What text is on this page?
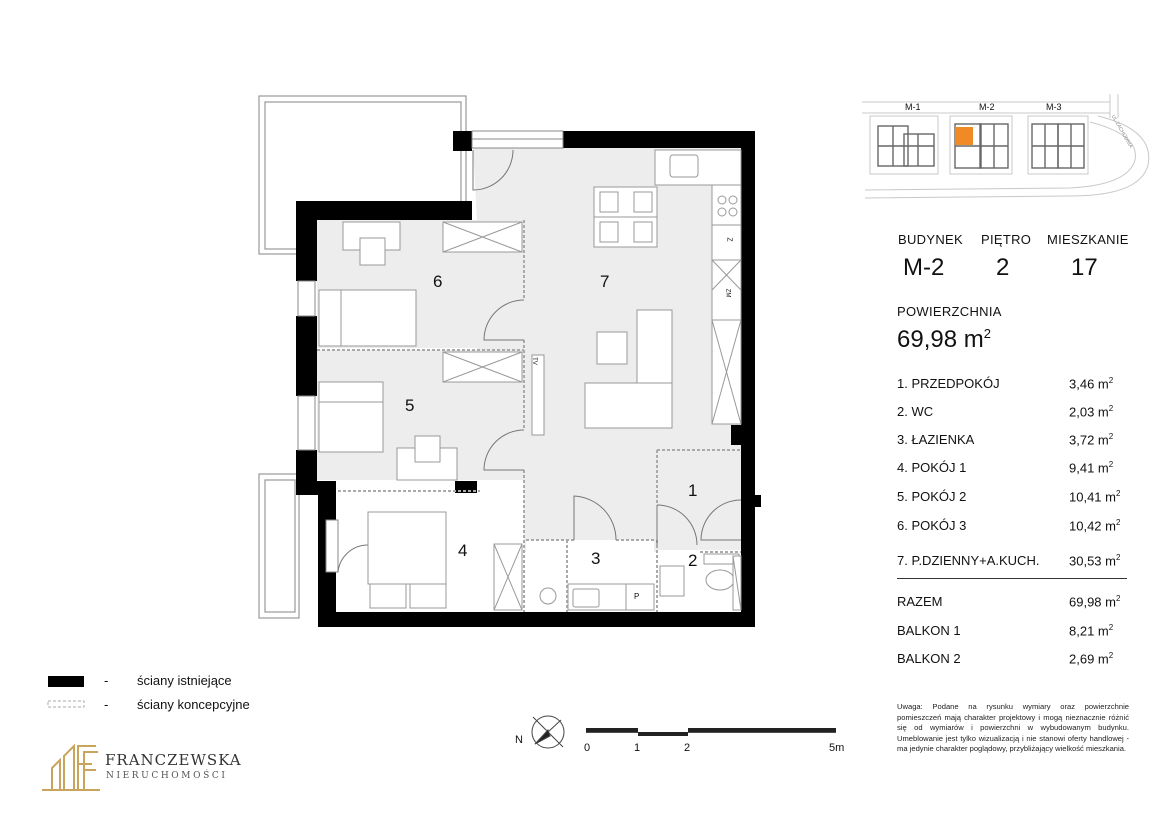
7
6
5
4	3	2
1
TV
Z
ZM
P
M-1	M-2	M-3
UL.ZACHODNIA
BUDYNEK PIĘTRO MIESZKANIE
M-2 2	17
POWIERZCHNIA
69,98 $m^2$
1. PRZEDPOKÓJ	3,46 $m^2$
2. WC	2,03 $m^2$
3. ŁAZIENKA	3,72 $m^2$
4. POKÓJ 1	9,41 $m^2$
5. POKÓJ 2	10,41 $m^2$
6. POKÓJ 3	10,42 $m^2$
7. P.DZIENNY+A.KUCH. 30,53 $m^2$
RAZEM	69,98 $m^2$
BALKON 1	8,21 $m^2$
BALKON 2	2,69 $m^2$
Uwaga: Podane na rysunku wymiary oraz powierzchnie pomieszczeń mają charakter projektowy i mogą nieznacznie różnić się od wymiarów i powierzchni w wybudowanym budynku. Umeblowanie jest tylko wizualizacją i nie stanowi oferty handlowej - ma jedynie charakter poglądowy, przybliżający wielkość mieszkania.
- ściany istniejące
- ściany koncepcyjne
N
0	1	2	5m
FRANCZEWSKA
NIERUCHOMOŚCI
